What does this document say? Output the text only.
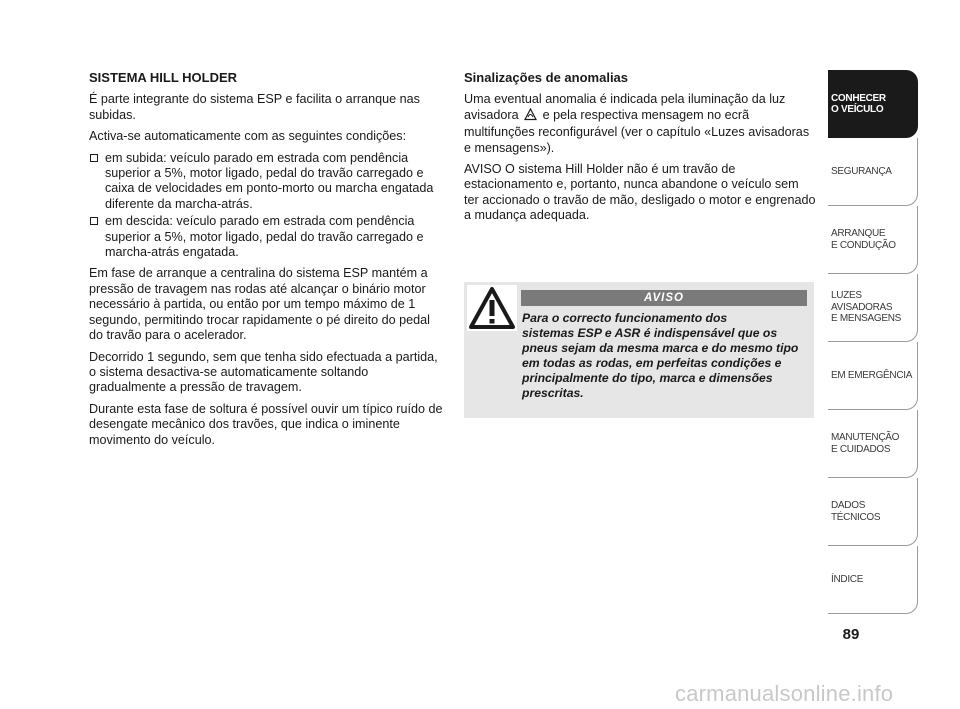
SISTEMA HILL HOLDER
É parte integrante do sistema ESP e facilita o arranque nas subidas.
Activa-se automaticamente com as seguintes condições:
em subida: veículo parado em estrada com pendência superior a 5%, motor ligado, pedal do travão carregado e caixa de velocidades em ponto-morto ou marcha engatada diferente da marcha-atrás.
em descida: veículo parado em estrada com pendência superior a 5%, motor ligado, pedal do travão carregado e marcha-atrás engatada.
Em fase de arranque a centralina do sistema ESP mantém a pressão de travagem nas rodas até alcançar o binário motor necessário à partida, ou então por um tempo máximo de 1 segundo, permitindo trocar rapidamente o pé direito do pedal do travão para o acelerador.
Decorrido 1 segundo, sem que tenha sido efectuada a partida, o sistema desactiva-se automaticamente soltando gradualmente a pressão de travagem.
Durante esta fase de soltura é possível ouvir um típico ruído de desengate mecânico dos travões, que indica o iminente movimento do veículo.
Sinalizações de anomalias
Uma eventual anomalia é indicada pela iluminação da luz avisadora e pela respectiva mensagem no ecrã multifunções reconfigurável (ver o capítulo «Luzes avisadoras e mensagens»).
AVISO O sistema Hill Holder não é um travão de estacionamento e, portanto, nunca abandone o veículo sem ter accionado o travão de mão, desligado o motor e engrenado a mudança adequada.
AVISO
Para o correcto funcionamento dos
sistemas ESP e ASR é indispensável que os pneus sejam da mesma marca e do mesmo tipo em todas as rodas, em perfeitas condições e principalmente do tipo, marca e dimensões prescritas.
CONHECER
O VEÍCULO
SEGURANÇA
ARRANQUE
E CONDUÇÃO
LUZES
AVISADORAS
E MENSAGENS
EM EMERGÊNCIA
MANUTENÇÃO
E CUIDADOS
DADOS
TÉCNICOS
ÍNDICE
89
carmanualsonline.info
